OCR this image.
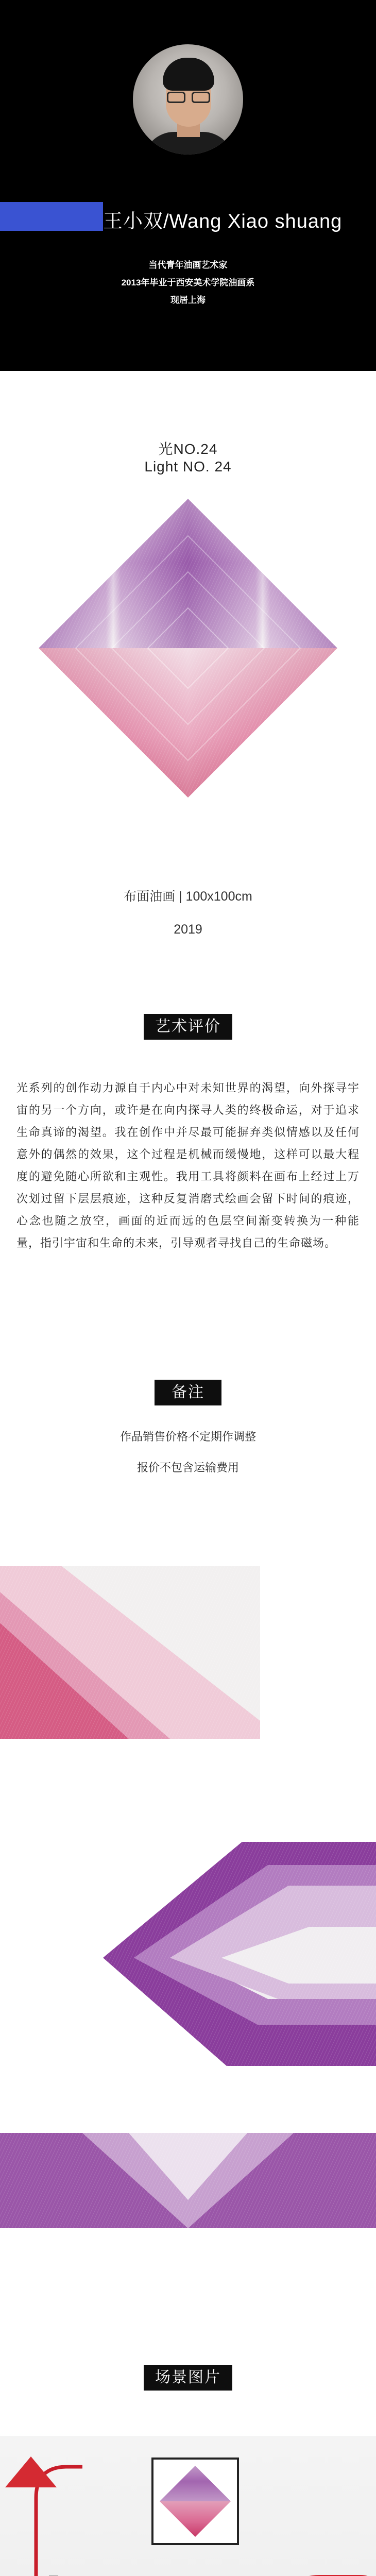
王小双/Wang Xiao shuang
当代青年油画艺术家
2013年毕业于西安美术学院油画系
现居上海
光NO.24
Light NO. 24
布面油画 | 100x100cm
2019
艺术评价
光系列的创作动力源自于内心中对未知世界的渴望，向外探寻宇宙的另一个方向，或许是在向内探寻人类的终极命运，对于追求生命真谛的渴望。我在创作中并尽最可能摒弃类似情感以及任何意外的偶然的效果，这个过程是机械而缓慢地，这样可以最大程度的避免随心所欲和主观性。我用工具将颜料在画布上经过上万次划过留下层层痕迹，这种反复消磨式绘画会留下时间的痕迹，心念也随之放空，画面的近而远的色层空间渐变转换为一种能量，指引宇宙和生命的未来，引导观者寻找自己的生命磁场。
备注
作品销售价格不定期作调整
报价不包含运输费用
场景图片
